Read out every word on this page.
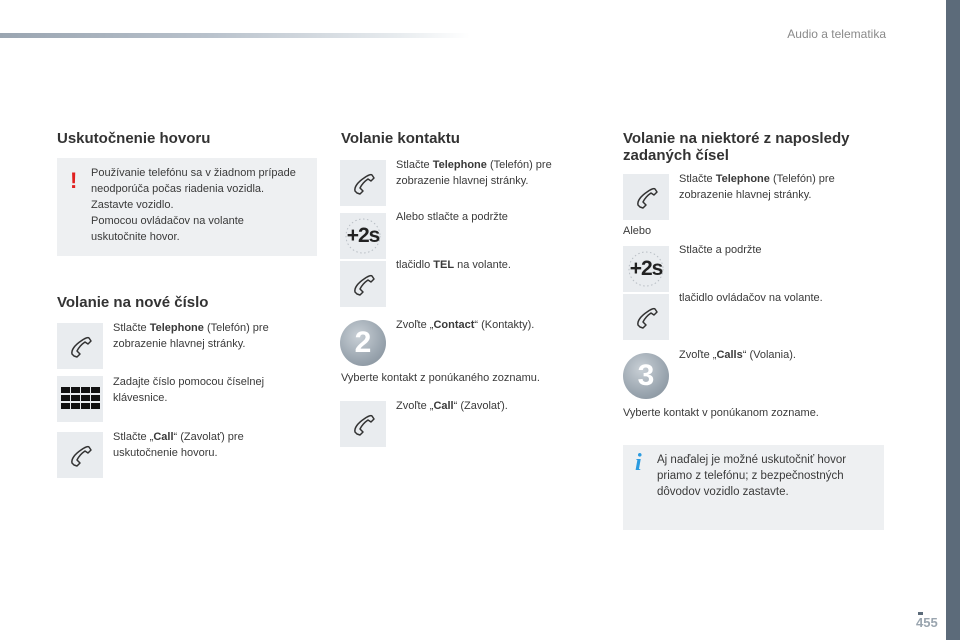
Audio a telematika
Uskutočnenie hovoru
! Používanie telefónu sa v žiadnom prípade
neodporúča počas riadenia vozidla.
Zastavte vozidlo.
Pomocou ovládačov na volante
uskutočnite hovor.
Volanie na nové číslo
Stlačte Telephone (Telefón) pre
zobrazenie hlavnej stránky.
Zadajte číslo pomocou číselnej
klávesnice.
Stlačte „Call“ (Zavolať) pre
uskutočnenie hovoru.
Volanie kontaktu
Stlačte Telephone (Telefón) pre
zobrazenie hlavnej stránky.
+2s
Alebo stlačte a podržte
tlačidlo TEL na volante.
2
Zvoľte „Contact“ (Kontakty).
Vyberte kontakt z ponúkaného zoznamu.
Zvoľte „Call“ (Zavolať).
Volanie na niektoré z naposledy
zadaných čísel
Stlačte Telephone (Telefón) pre
zobrazenie hlavnej stránky.
Alebo
+2s
Stlačte a podržte
tlačidlo ovládačov na volante.
3
Zvoľte „Calls“ (Volania).
Vyberte kontakt v ponúkanom zozname.
i Aj naďalej je možné uskutočniť hovor
priamo z telefónu; z bezpečnostných
dôvodov vozidlo zastavte.
455
